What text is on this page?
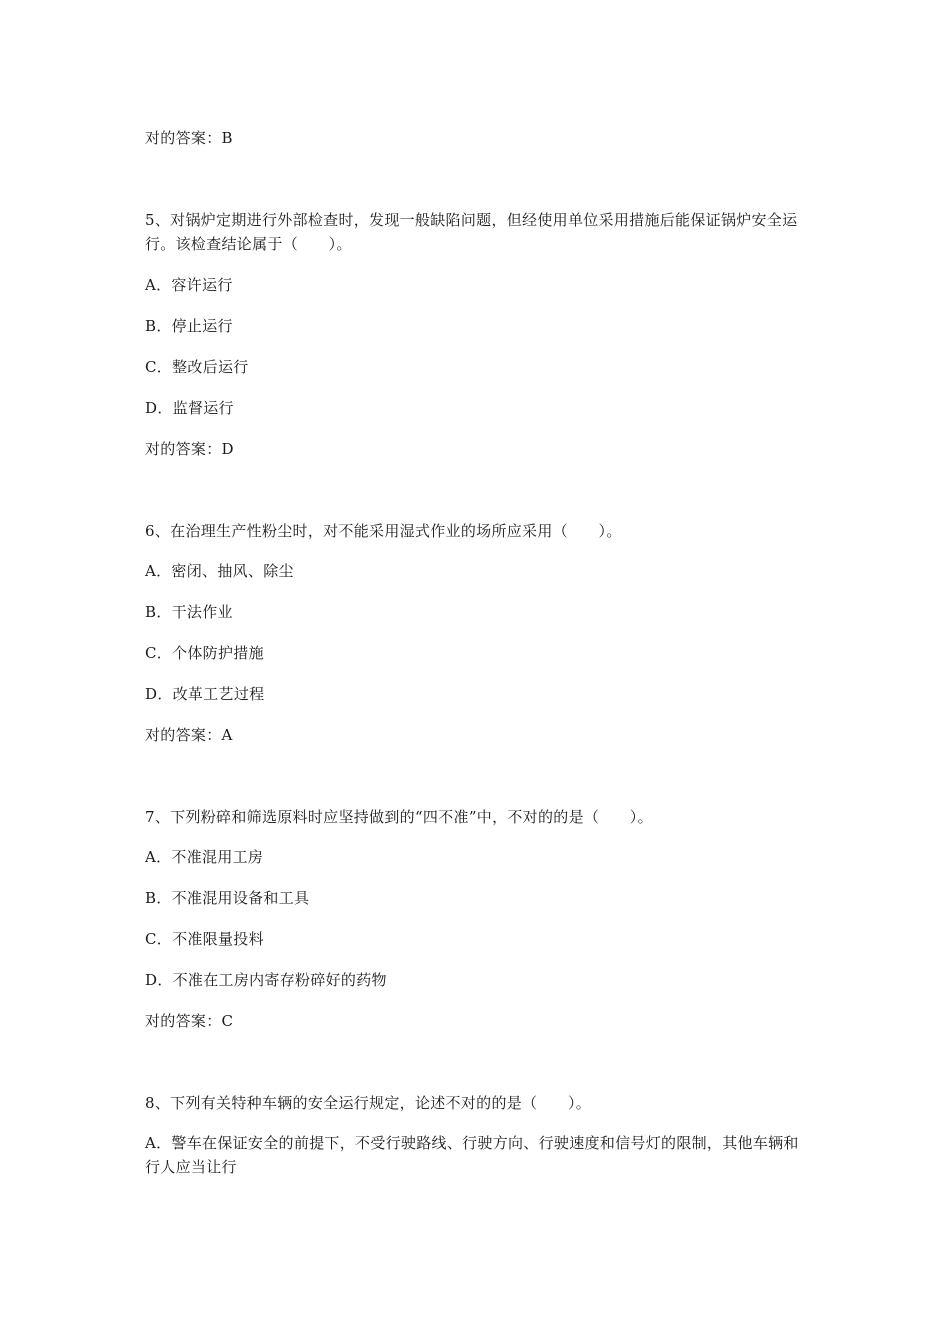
对的答案：B
5、对锅炉定期进行外部检查时，发现一般缺陷问题，但经使用单位采用措施后能保证锅炉安全运行。该检查结论属于（　　）。
A．容许运行
B．停止运行
C．整改后运行
D．监督运行
对的答案：D
6、在治理生产性粉尘时，对不能采用湿式作业的场所应采用（　　）。
A．密闭、抽风、除尘
B．干法作业
C．个体防护措施
D．改革工艺过程
对的答案：A
7、下列粉碎和筛选原料时应坚持做到的“四不准”中，不对的的是（　　）。
A．不准混用工房
B．不准混用设备和工具
C．不准限量投料
D．不准在工房内寄存粉碎好的药物
对的答案：C
8、下列有关特种车辆的安全运行规定，论述不对的的是（　　）。
A．警车在保证安全的前提下，不受行驶路线、行驶方向、行驶速度和信号灯的限制，其他车辆和行人应当让行
